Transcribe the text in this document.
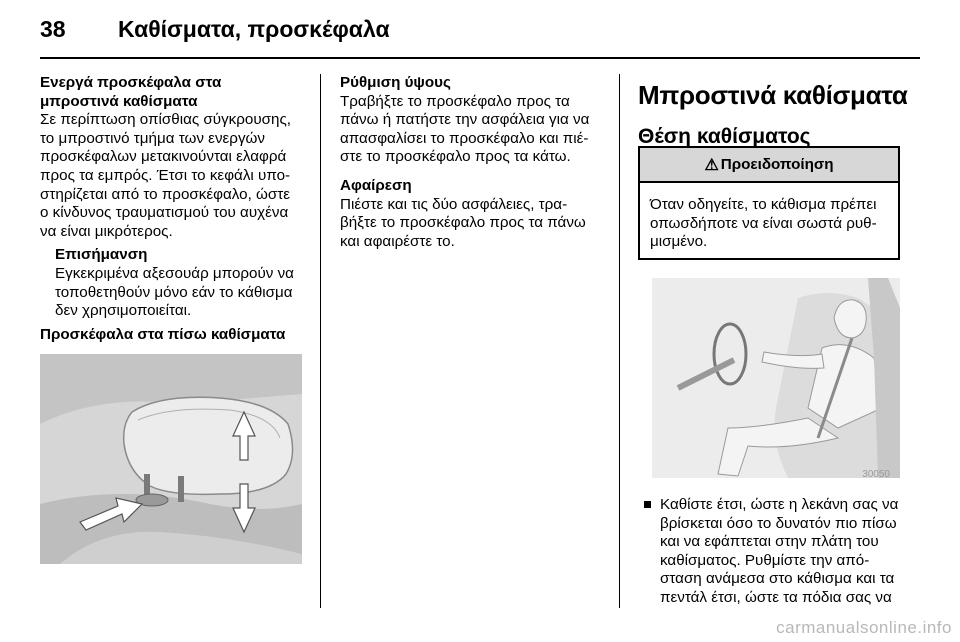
38 Καθίσματα, προσκέφαλα
Ενεργά προσκέφαλα στα μπροστινά καθίσματα

Σε περίπτωση οπίσθιας σύγκρουσης, το μπροστινό τμήμα των ενεργών προσκέφαλων μετακινούνται ελαφρά προς τα εμπρός. Έτσι το κεφάλι υπο-στηρίζεται από το προσκέφαλο, ώστε ο κίνδυνος τραυματισμού του αυχένα να είναι μικρότερος.

Επισήμανση

Εγκεκριμένα αξεσουάρ μπορούν να τοποθετηθούν μόνο εάν το κάθισμα δεν χρησιμοποιείται.

Προσκέφαλα στα πίσω καθίσματα
Ρύθμιση ύψους

Τραβήξτε το προσκέφαλο προς τα πάνω ή πατήστε την ασφάλεια για να απασφαλίσει το προσκέφαλο και πιέ-στε το προσκέφαλο προς τα κάτω.

Αφαίρεση

Πιέστε και τις δύο ασφάλειες, τρα-βήξτε το προσκέφαλο προς τα πάνω και αφαιρέστε το.

Μπροστινά καθίσματα
Θέση καθίσματος
⚠ Προειδοποίηση
Όταν οδηγείτε, το κάθισμα πρέπει οπωσδήποτε να είναι σωστά ρυθ-μισμένο.
30050
Καθίστε έτσι, ώστε η λεκάνη σας να βρίσκεται όσο το δυνατόν πιο πίσω και να εφάπτεται στην πλάτη του καθίσματος. Ρυθμίστε την από-σταση ανάμεσα στο κάθισμα και τα πεντάλ έτσι, ώστε τα πόδια σας να
carmanualsonline.info
